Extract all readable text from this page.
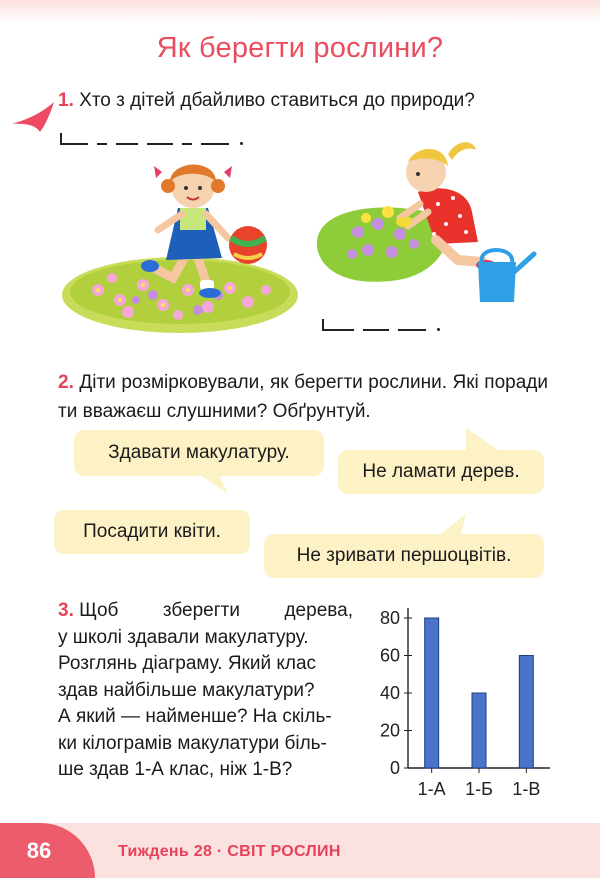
Як берегти рослини?
1. Хто з дітей дбайливо ставиться до природи?
2. Діти розмірковували, як берегти рослини. Які поради ти вважаєш слушними? Обґрунтуй.
Здавати макулатуру.
Не ламати дерев.
Посадити квіти.
Не зривати першоцвітів.
3. Щоб зберегти дерева,
у школі здавали макулатуру.
Розглянь діаграму. Який клас
здав найбільше макулатури?
А який — найменше? На скіль-
ки кілограмів макулатури біль-
ше здав 1-А клас, ніж 1-В?	0
20
40
60
80
1-А 1-Б 1-В
86	Тиждень 28 · СВІТ РОСЛИН
